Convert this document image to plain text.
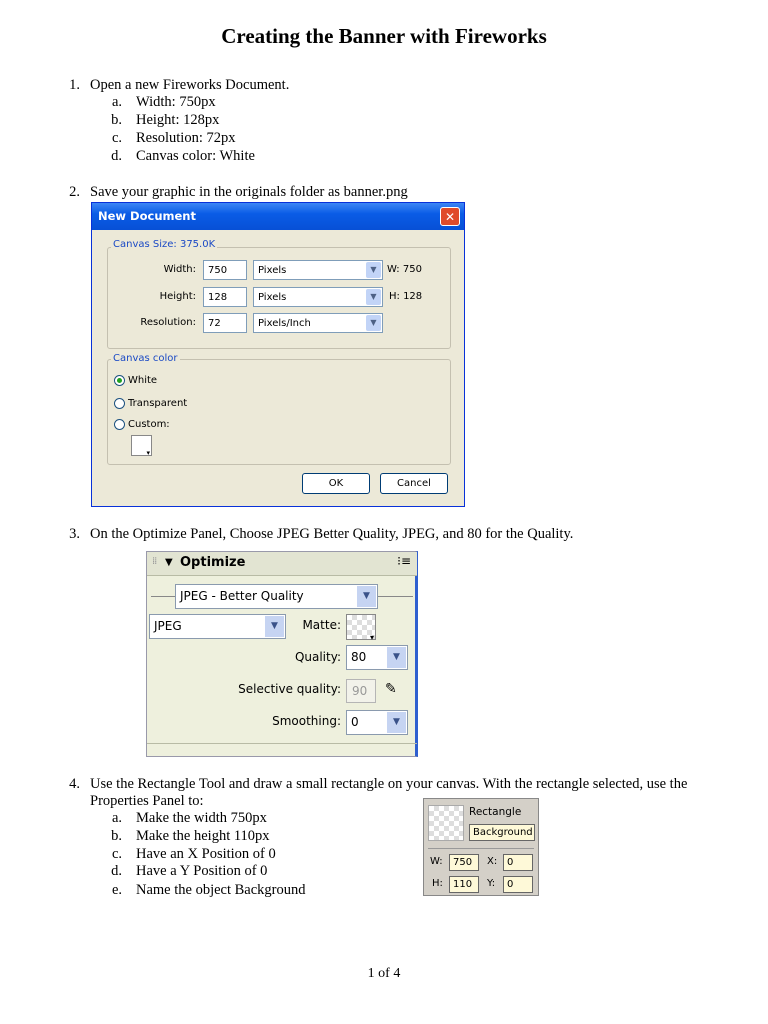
Creating the Banner with Fireworks
1. Open a new Fireworks Document.
a. Width: 750px
b. Height: 128px
c. Resolution: 72px
d. Canvas color: White
2. Save your graphic in the originals folder as banner.png
New Document	✕
Canvas Size: 375.0K
Width:	750	Pixels	▼	W: 750
Height:	128	Pixels	▼	H: 128
Resolution:	72	Pixels/Inch	▼
Canvas color
White
Transparent
Custom:
▾
OK	Cancel
3. On the Optimize Panel, Choose JPEG Better Quality, JPEG, and 80 for the Quality.
⁞⁞ ▼ Optimize	⁝≡
JPEG - Better Quality	▼
JPEG	▼	Matte:
▾
Quality: 80	▼
Selective quality: 90	✎
Smoothing: 0	▼
4. Use the Rectangle Tool and draw a small rectangle on your canvas. With the rectangle selected, use the
Properties Panel to:
a. Make the width 750px
b. Make the height 110px
c. Have an X Position of 0
d. Have a Y Position of 0
e. Name the object Background
Rectangle
Background
W:	750	X: 0
H:	110	Y:	0
1 of 4
